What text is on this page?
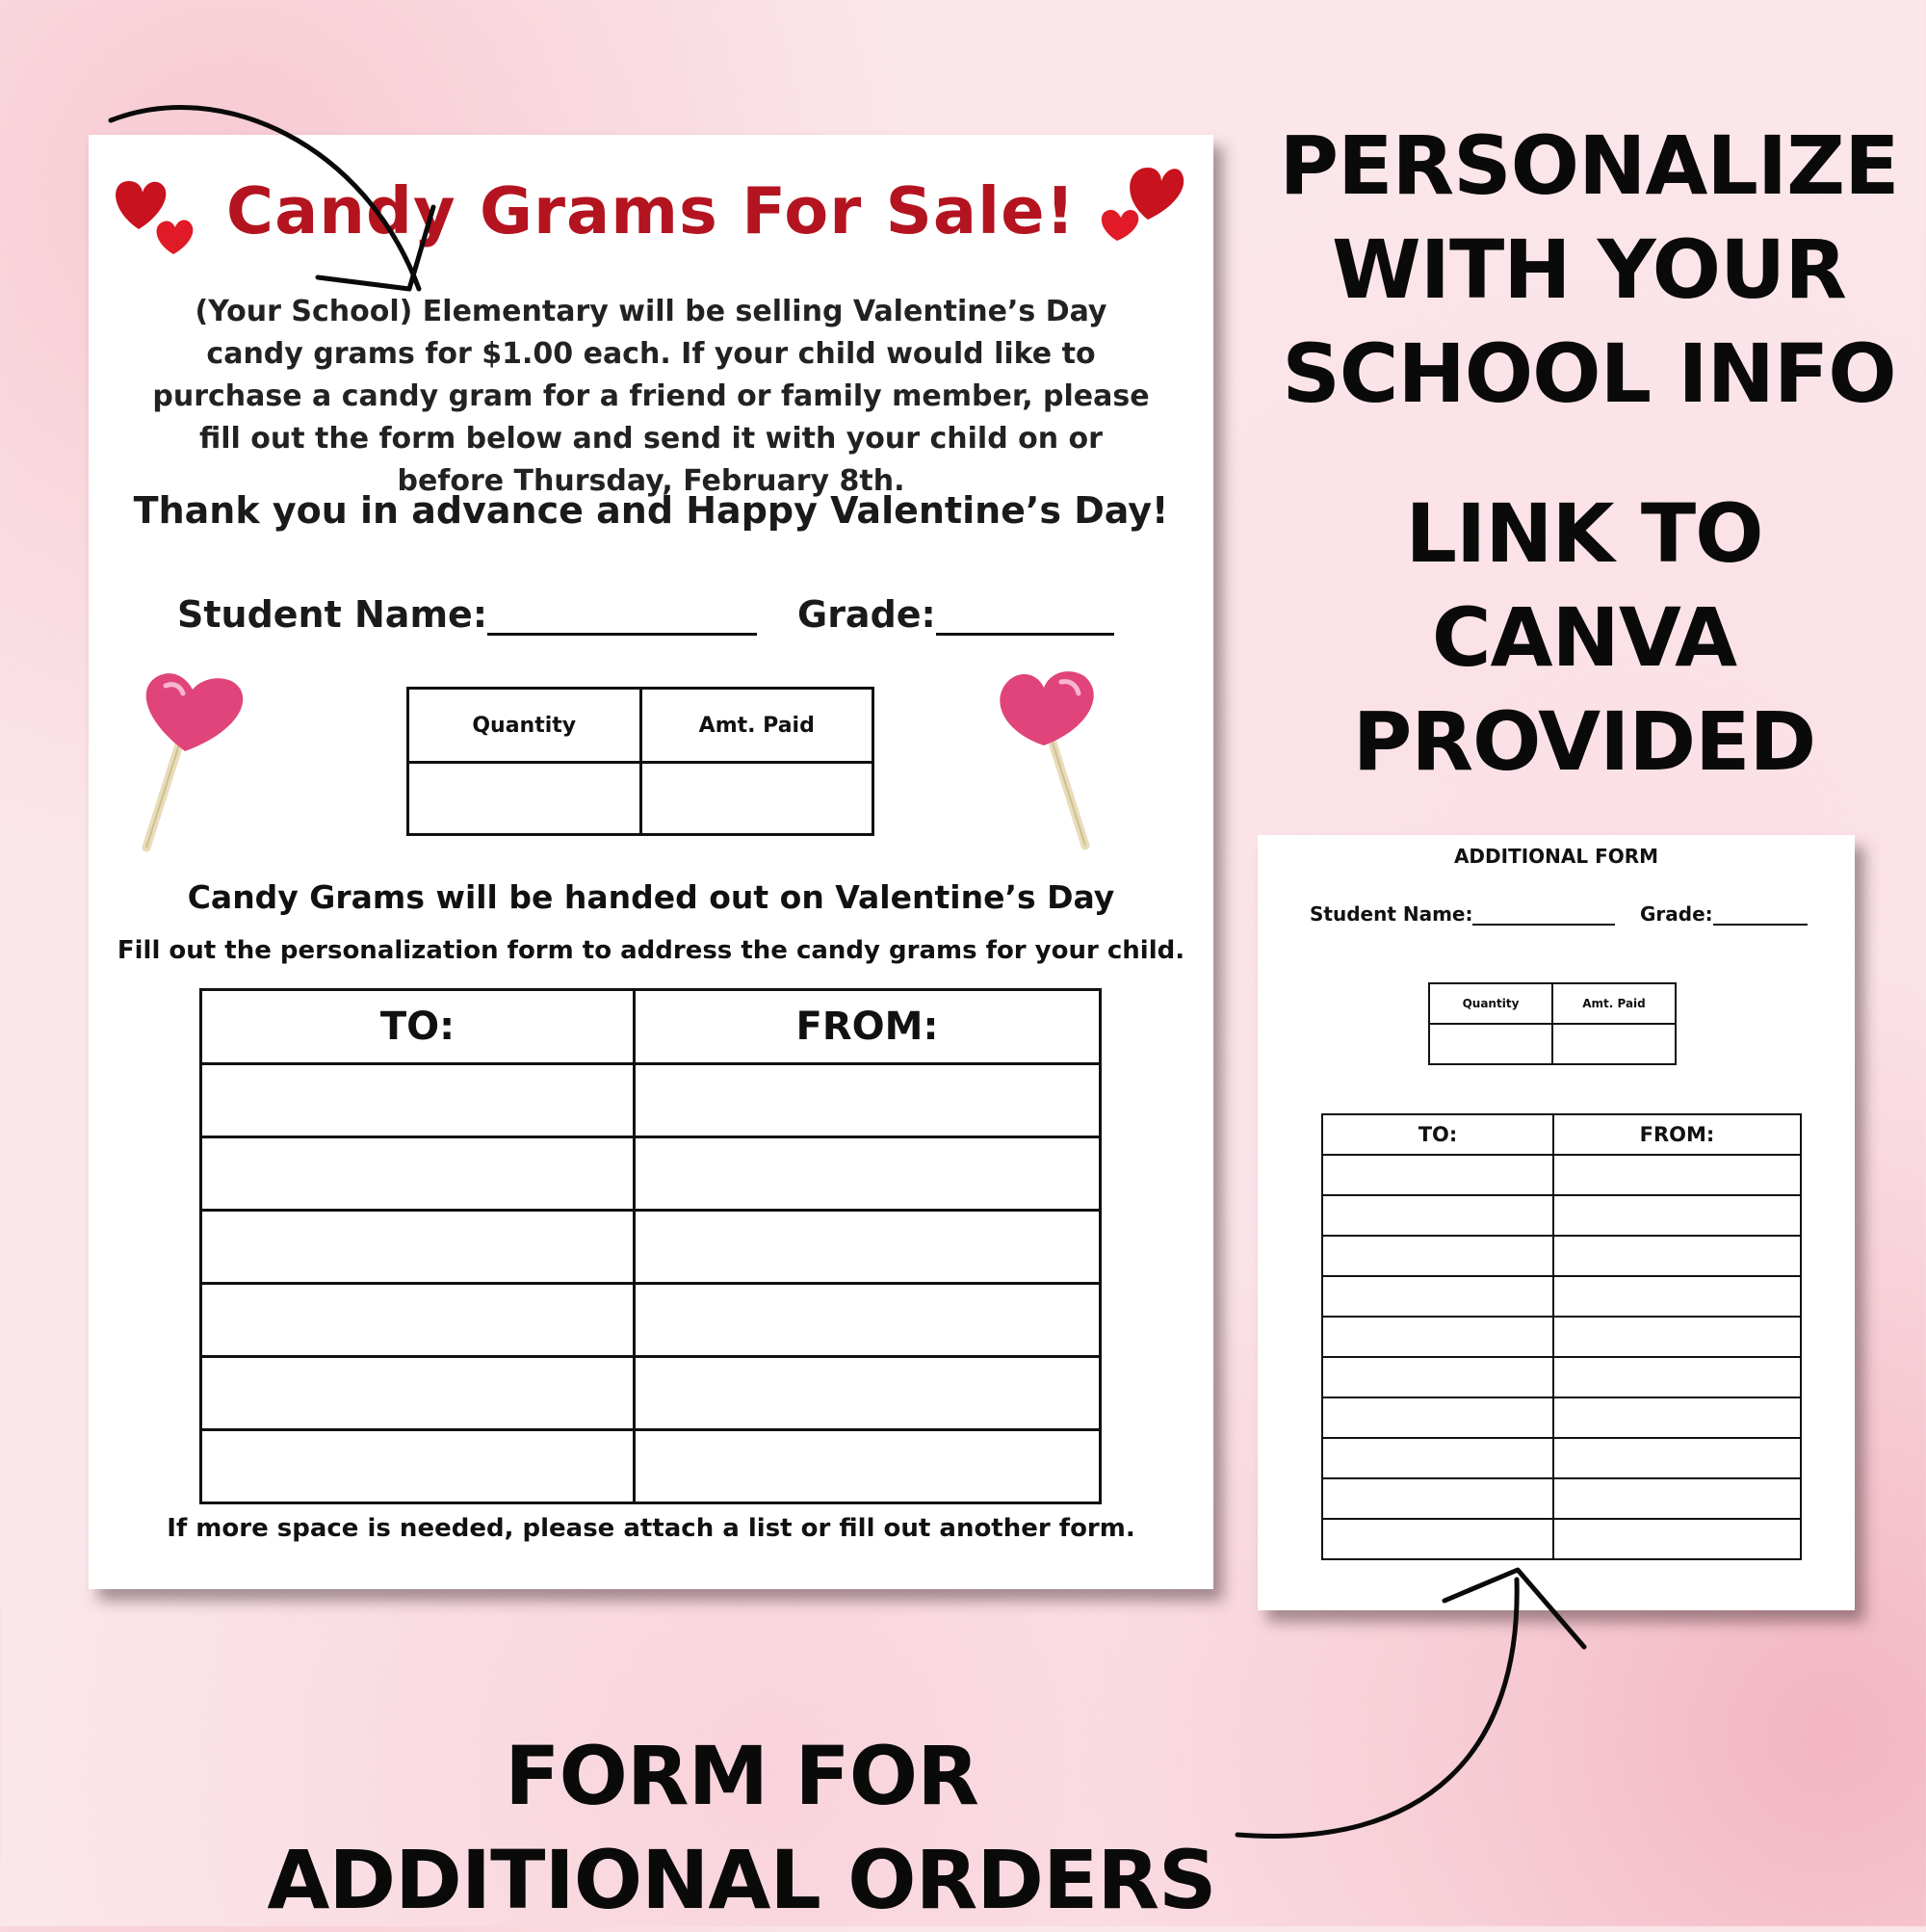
Candy Grams For Sale!
(Your School) Elementary will be selling Valentine’s Day candy grams for $1.00 each. If your child would like to purchase a candy gram for a friend or family member, please fill out the form below and send it with your child on or before Thursday, February 8th.
Thank you in advance and Happy Valentine’s Day!
Student Name:	Grade:
Quantity	Amt. Paid

Candy Grams will be handed out on Valentine’s Day
Fill out the personalization form to address the candy grams for your child.
TO:	FROM:

If more space is needed, please attach a list or fill out another form.
ADDITIONAL FORM
Student Name:	Grade:
Quantity	Amt. Paid

TO:	FROM:

PERSONALIZE WITH YOUR SCHOOL INFO
LINK TO CANVA PROVIDED
FORM FOR ADDITIONAL ORDERS
